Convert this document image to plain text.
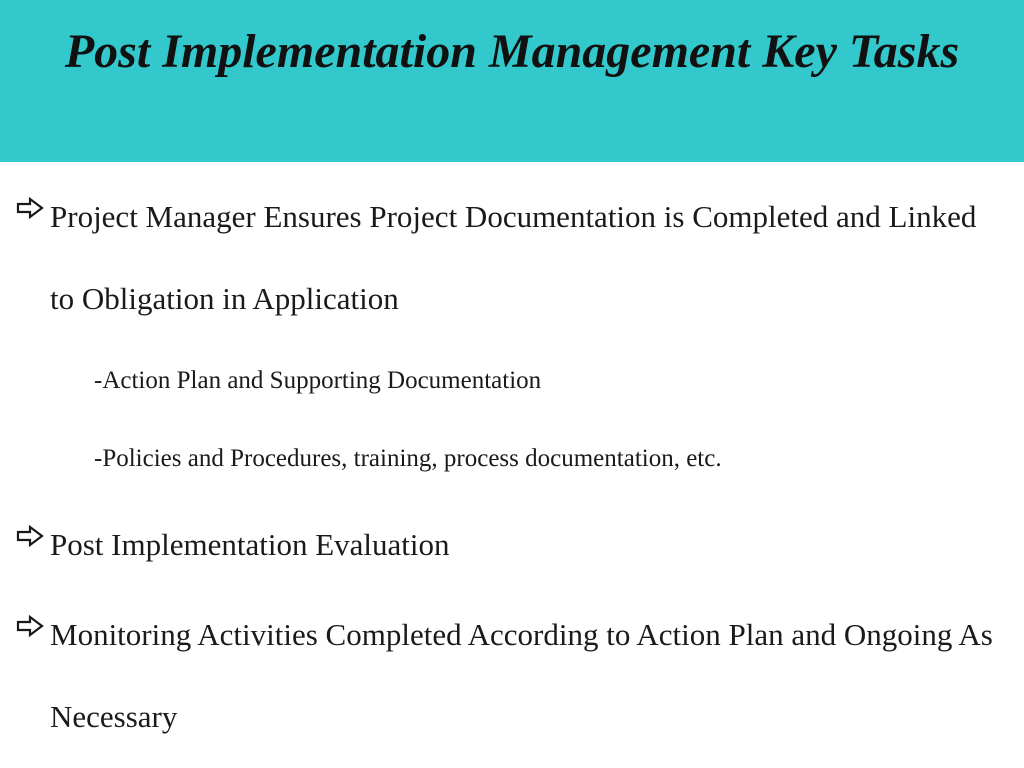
Post Implementation Management Key Tasks
Project Manager Ensures Project Documentation is Completed and Linked to Obligation in Application
-Action Plan and Supporting Documentation
-Policies and Procedures, training, process documentation, etc.
Post Implementation Evaluation
Monitoring Activities Completed According to Action Plan and Ongoing As Necessary
